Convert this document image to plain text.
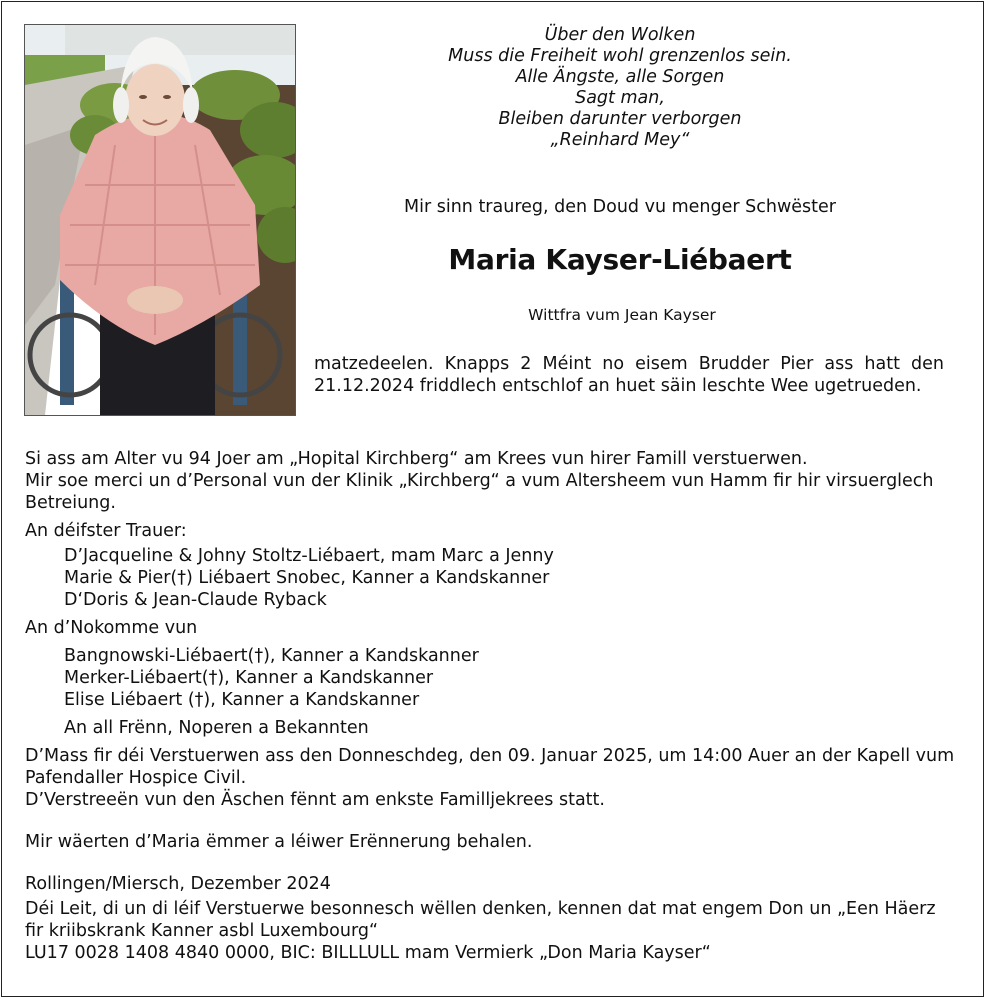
Über den Wolken
Muss die Freiheit wohl grenzenlos sein.
Alle Ängste, alle Sorgen
Sagt man,
Bleiben darunter verborgen
„Reinhard Mey“
Mir sinn traureg, den Doud vu menger Schwëster
Maria Kayser-Liébaert
Wittfra vum Jean Kayser
matzedeelen. Knapps 2 Méint no eisem Brudder Pier ass hatt den 21.12.2024 friddlech entschlof an huet säin leschte Wee ugetrueden.
Si ass am Alter vu 94 Joer am „Hopital Kirchberg“ am Krees vun hirer Famill verstuerwen.
Mir soe merci un d’Personal vun der Klinik „Kirchberg“ a vum Altersheem vun Hamm fir hir virsuerglech Betreiung.
An déifster Trauer:
D’Jacqueline & Johny Stoltz-Liébaert, mam Marc a Jenny
Marie & Pier(†) Liébaert Snobec, Kanner a Kandskanner
D‘Doris & Jean-Claude Ryback
An d’Nokomme vun
Bangnowski-Liébaert(†), Kanner a Kandskanner
Merker-Liébaert(†), Kanner a Kandskanner
Elise Liébaert (†), Kanner a Kandskanner
An all Frënn, Noperen a Bekannten
D’Mass fir déi Verstuerwen ass den Donneschdeg, den 09. Januar 2025, um 14:00 Auer an der Kapell vum Pafendaller Hospice Civil.
D’Verstreeën vun den Äschen fënnt am enkste Familljekrees statt.
Mir wäerten d’Maria ëmmer a léiwer Erënnerung behalen.
Rollingen/Miersch, Dezember 2024
Déi Leit, di un di léif Verstuerwe besonnesch wëllen denken, kennen dat mat engem Don un „Een Häerz fir kriibskrank Kanner asbl Luxembourg“
LU17 0028 1408 4840 0000, BIC: BILLLULL mam Vermierk „Don Maria Kayser“
